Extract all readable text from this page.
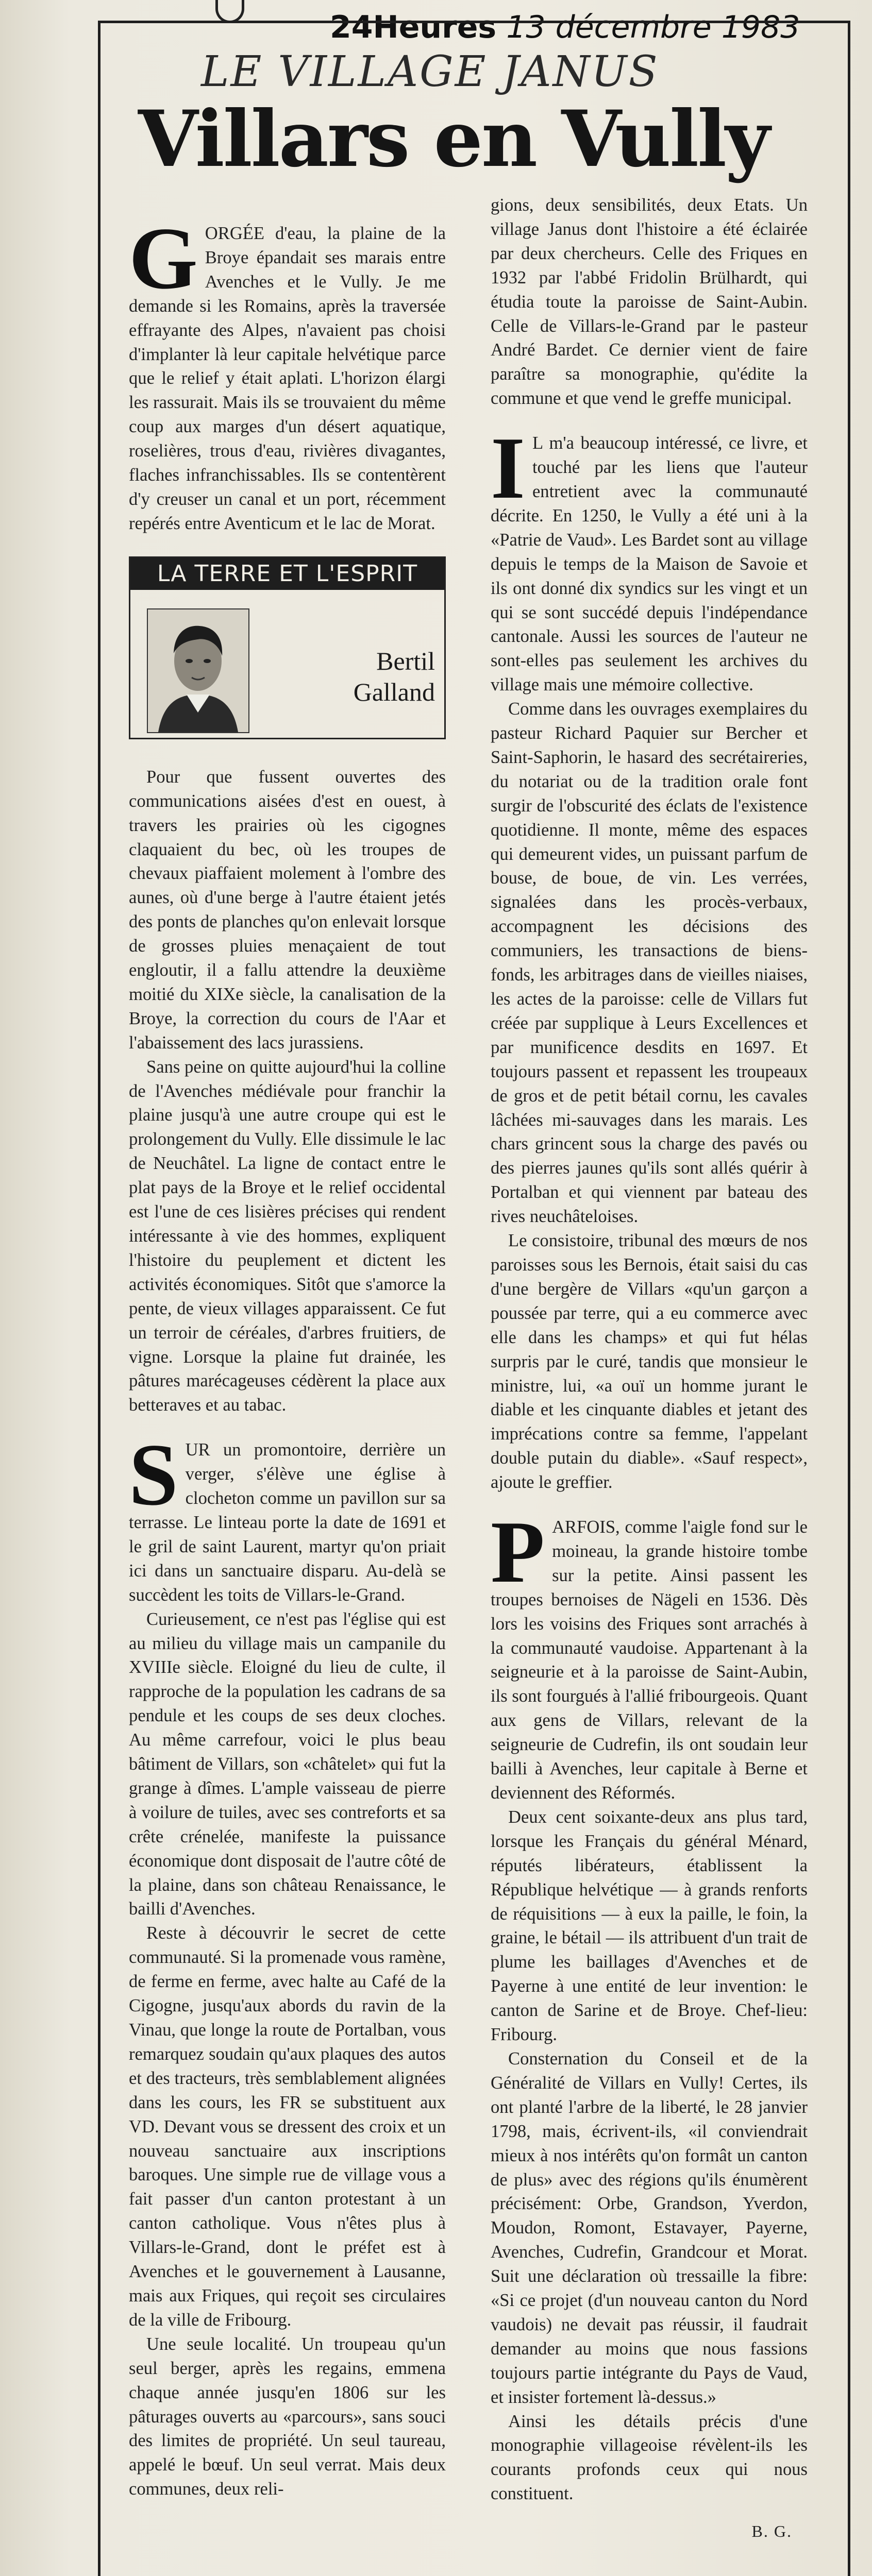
24Heures 13 décembre 1983
LE VILLAGE JANUS
Villars en Vully

GORGÉE d'eau, la plaine de la Broye épandait ses marais entre Avenches et le Vully. Je me demande si les Romains, après la traversée effrayante des Alpes, n'avaient pas choisi d'implanter là leur capitale helvétique parce que le relief y était aplati. L'horizon élargi les rassurait. Mais ils se trouvaient du même coup aux marges d'un désert aquatique, roselières, trous d'eau, rivières divagantes, flaches infranchissables. Ils se contentèrent d'y creuser un canal et un port, récemment repérés entre Aventicum et le lac de Morat.

LA TERRE ET L'ESPRIT
Bertil
Galland

Pour que fussent ouvertes des communications aisées d'est en ouest, à travers les prairies où les cigognes claquaient du bec, où les troupes de chevaux piaffaient molement à l'ombre des aunes, où d'une berge à l'autre étaient jetés des ponts de planches qu'on enlevait lorsque de grosses pluies menaçaient de tout engloutir, il a fallu attendre la deuxième moitié du XIXe siècle, la canalisation de la Broye, la correction du cours de l'Aar et l'abaissement des lacs jurassiens.

Sans peine on quitte aujourd'hui la colline de l'Avenches médiévale pour franchir la plaine jusqu'à une autre croupe qui est le prolongement du Vully. Elle dissimule le lac de Neuchâtel. La ligne de contact entre le plat pays de la Broye et le relief occidental est l'une de ces lisières précises qui rendent intéressante à vie des hommes, expliquent l'histoire du peuplement et dictent les activités économiques. Sitôt que s'amorce la pente, de vieux villages apparaissent. Ce fut un terroir de céréales, d'arbres fruitiers, de vigne. Lorsque la plaine fut drainée, les pâtures marécageuses cédèrent la place aux betteraves et au tabac.

SUR un promontoire, derrière un verger, s'élève une église à clocheton comme un pavillon sur sa terrasse. Le linteau porte la date de 1691 et le gril de saint Laurent, martyr qu'on priait ici dans un sanctuaire disparu. Au-delà se succèdent les toits de Villars-le-Grand.

Curieusement, ce n'est pas l'église qui est au milieu du village mais un campanile du XVIIIe siècle. Eloigné du lieu de culte, il rapproche de la population les cadrans de sa pendule et les coups de ses deux cloches. Au même carrefour, voici le plus beau bâtiment de Villars, son «châtelet» qui fut la grange à dîmes. L'ample vaisseau de pierre à voilure de tuiles, avec ses contreforts et sa crête crénelée, manifeste la puissance économique dont disposait de l'autre côté de la plaine, dans son château Renaissance, le bailli d'Avenches.

Reste à découvrir le secret de cette communauté. Si la promenade vous ramène, de ferme en ferme, avec halte au Café de la Cigogne, jusqu'aux abords du ravin de la Vinau, que longe la route de Portalban, vous remarquez soudain qu'aux plaques des autos et des tracteurs, très semblablement alignées dans les cours, les FR se substituent aux VD. Devant vous se dressent des croix et un nouveau sanctuaire aux inscriptions baroques. Une simple rue de village vous a fait passer d'un canton protestant à un canton catholique. Vous n'êtes plus à Villars-le-Grand, dont le préfet est à Avenches et le gouvernement à Lausanne, mais aux Friques, qui reçoit ses circulaires de la ville de Fribourg.

Une seule localité. Un troupeau qu'un seul berger, après les regains, emmena chaque année jusqu'en 1806 sur les pâturages ouverts au «parcours», sans souci des limites de propriété. Un seul taureau, appelé le bœuf. Un seul verrat. Mais deux communes, deux reli-

gions, deux sensibilités, deux Etats. Un village Janus dont l'histoire a été éclairée par deux chercheurs. Celle des Friques en 1932 par l'abbé Fridolin Brülhardt, qui étudia toute la paroisse de Saint-Aubin. Celle de Villars-le-Grand par le pasteur André Bardet. Ce dernier vient de faire paraître sa monographie, qu'édite la commune et que vend le greffe municipal.

I L m'a beaucoup intéressé, ce livre, et touché par les liens que l'auteur entretient avec la communauté décrite. En 1250, le Vully a été uni à la «Patrie de Vaud». Les Bardet sont au village depuis le temps de la Maison de Savoie et ils ont donné dix syndics sur les vingt et un qui se sont succédé depuis l'indépendance cantonale. Aussi les sources de l'auteur ne sont-elles pas seulement les archives du village mais une mémoire collective.

Comme dans les ouvrages exemplaires du pasteur Richard Paquier sur Bercher et Saint-Saphorin, le hasard des secrétaireries, du notariat ou de la tradition orale font surgir de l'obscurité des éclats de l'existence quotidienne. Il monte, même des espaces qui demeurent vides, un puissant parfum de bouse, de boue, de vin. Les verrées, signalées dans les procès-verbaux, accompagnent les décisions des communiers, les transactions de biens-fonds, les arbitrages dans de vieilles niaises, les actes de la paroisse: celle de Villars fut créée par supplique à Leurs Excellences et par munificence desdits en 1697. Et toujours passent et repassent les troupeaux de gros et de petit bétail cornu, les cavales lâchées mi-sauvages dans les marais. Les chars grincent sous la charge des pavés ou des pierres jaunes qu'ils sont allés quérir à Portalban et qui viennent par bateau des rives neuchâteloises.

Le consistoire, tribunal des mœurs de nos paroisses sous les Bernois, était saisi du cas d'une bergère de Villars «qu'un garçon a poussée par terre, qui a eu commerce avec elle dans les champs» et qui fut hélas surpris par le curé, tandis que monsieur le ministre, lui, «a ouï un homme jurant le diable et les cinquante diables et jetant des imprécations contre sa femme, l'appelant double putain du diable». «Sauf respect», ajoute le greffier.

PARFOIS, comme l'aigle fond sur le moineau, la grande histoire tombe sur la petite. Ainsi passent les troupes bernoises de Nägeli en 1536. Dès lors les voisins des Friques sont arrachés à la communauté vaudoise. Appartenant à la seigneurie et à la paroisse de Saint-Aubin, ils sont fourgués à l'allié fribourgeois. Quant aux gens de Villars, relevant de la seigneurie de Cudrefin, ils ont soudain leur bailli à Avenches, leur capitale à Berne et deviennent des Réformés.

Deux cent soixante-deux ans plus tard, lorsque les Français du général Ménard, réputés libérateurs, établissent la République helvétique — à grands renforts de réquisitions — à eux la paille, le foin, la graine, le bétail — ils attribuent d'un trait de plume les baillages d'Avenches et de Payerne à une entité de leur invention: le canton de Sarine et de Broye. Chef-lieu: Fribourg.

Consternation du Conseil et de la Généralité de Villars en Vully! Certes, ils ont planté l'arbre de la liberté, le 28 janvier 1798, mais, écrivent-ils, «il conviendrait mieux à nos intérêts qu'on formât un canton de plus» avec des régions qu'ils énumèrent précisément: Orbe, Grandson, Yverdon, Moudon, Romont, Estavayer, Payerne, Avenches, Cudrefin, Grandcour et Morat. Suit une déclaration où tressaille la fibre: «Si ce projet (d'un nouveau canton du Nord vaudois) ne devait pas réussir, il faudrait demander au moins que nous fassions toujours partie intégrante du Pays de Vaud, et insister fortement là-dessus.»

Ainsi les détails précis d'une monographie villageoise révèlent-ils les courants profonds ceux qui nous constituent.

B. G.
